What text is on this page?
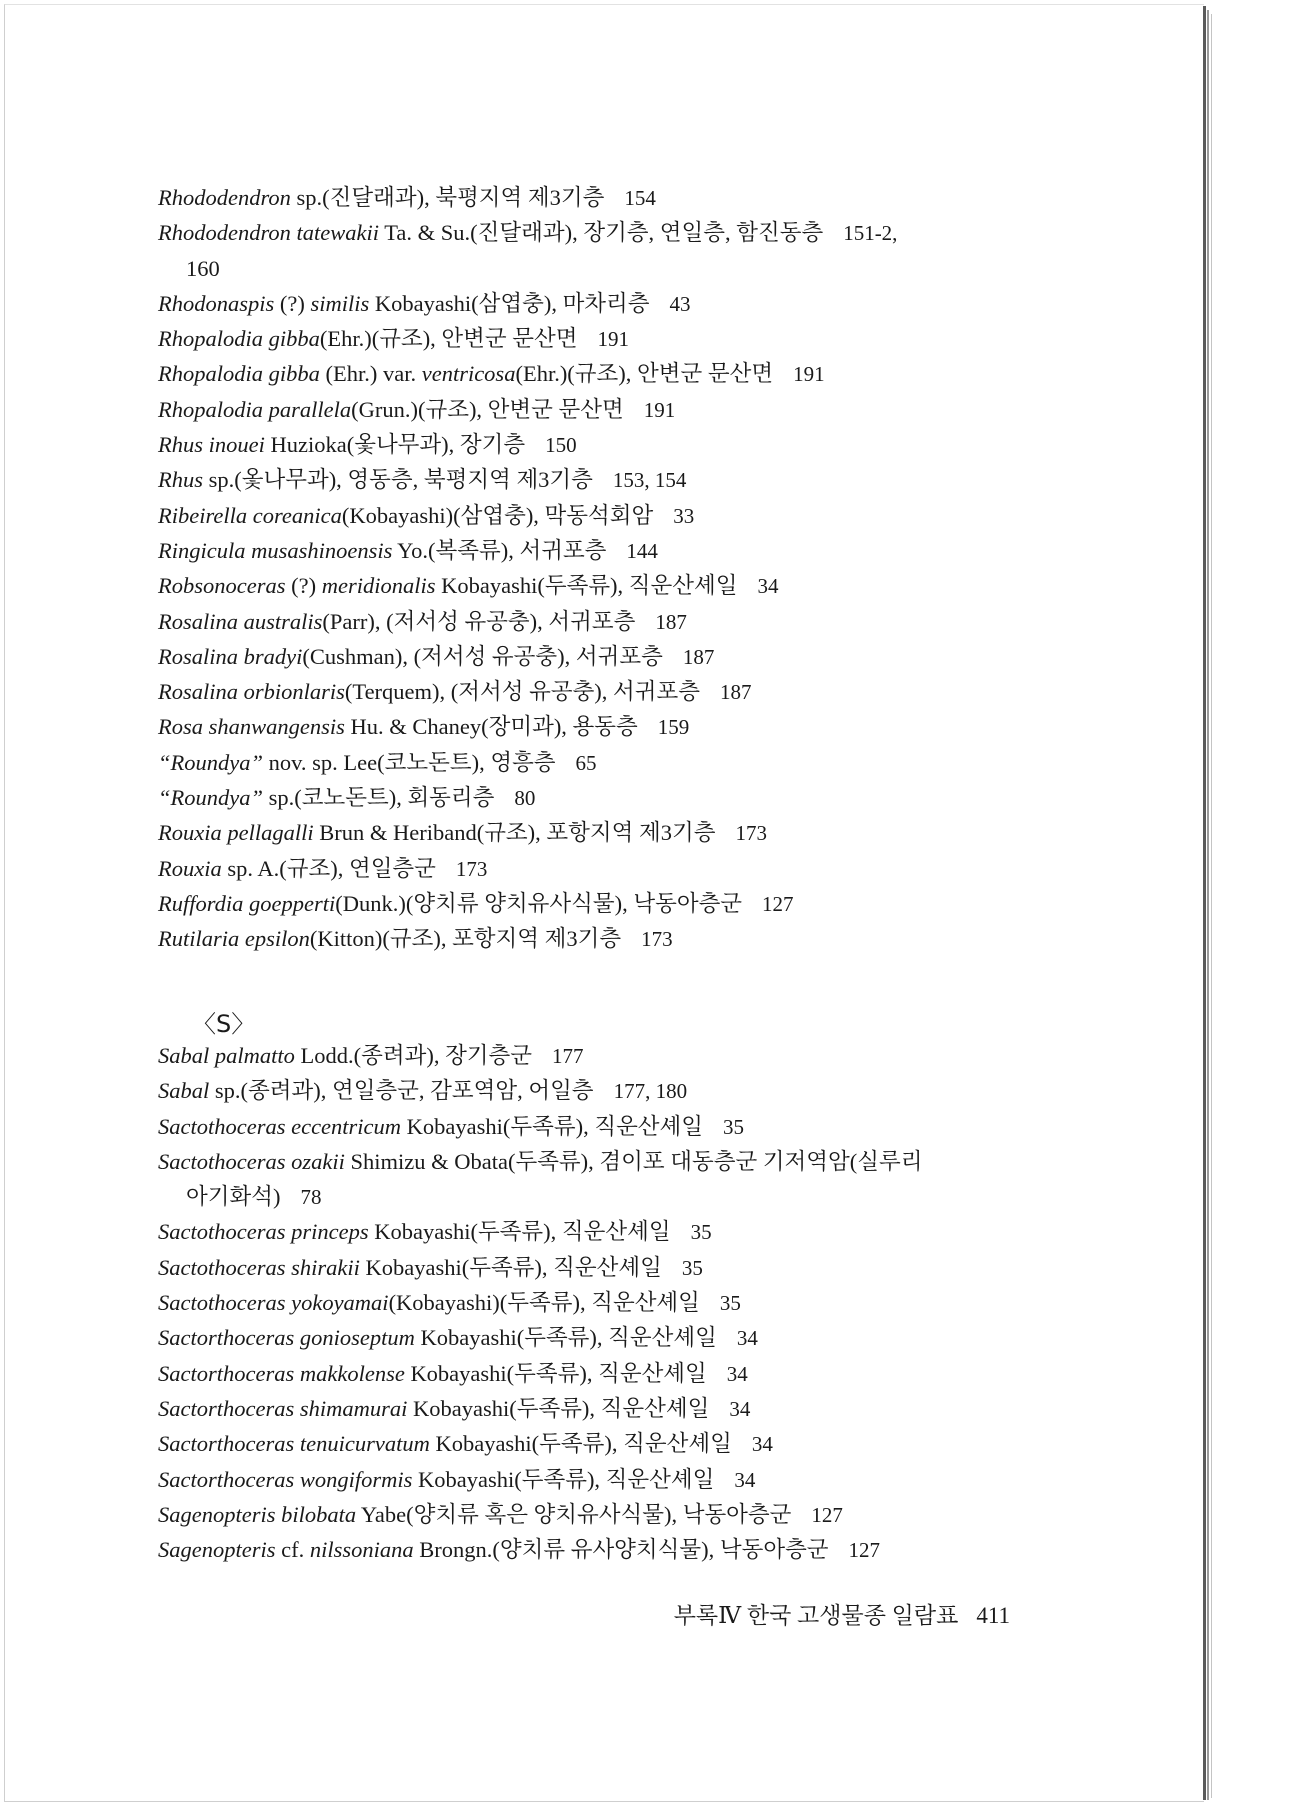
Rhododendron sp.(진달래과), 북평지역 제3기층 154
Rhododendron tatewakii Ta. & Su.(진달래과), 장기층, 연일층, 함진동층 151-2,
160
Rhodonaspis (?) similis Kobayashi(삼엽충), 마차리층 43
Rhopalodia gibba(Ehr.)(규조), 안변군 문산면 191
Rhopalodia gibba (Ehr.) var. ventricosa(Ehr.)(규조), 안변군 문산면 191
Rhopalodia parallela(Grun.)(규조), 안변군 문산면 191
Rhus inouei Huzioka(옻나무과), 장기층 150
Rhus sp.(옻나무과), 영동층, 북평지역 제3기층 153, 154
Ribeirella coreanica(Kobayashi)(삼엽충), 막동석회암 33
Ringicula musashinoensis Yo.(복족류), 서귀포층 144
Robsonoceras (?) meridionalis Kobayashi(두족류), 직운산셰일 34
Rosalina australis(Parr), (저서성 유공충), 서귀포층 187
Rosalina bradyi(Cushman), (저서성 유공충), 서귀포층 187
Rosalina orbionlaris(Terquem), (저서성 유공충), 서귀포층 187
Rosa shanwangensis Hu. & Chaney(장미과), 용동층 159
“Roundya” nov. sp. Lee(코노돈트), 영흥층 65
“Roundya” sp.(코노돈트), 회동리층 80
Rouxia pellagalli Brun & Heriband(규조), 포항지역 제3기층 173
Rouxia sp. A.(규조), 연일층군 173
Ruffordia goepperti(Dunk.)(양치류 양치유사식물), 낙동아층군 127
Rutilaria epsilon(Kitton)(규조), 포항지역 제3기층 173
Sabal palmatto Lodd.(종려과), 장기층군 177
Sabal sp.(종려과), 연일층군, 감포역암, 어일층 177, 180
Sactothoceras eccentricum Kobayashi(두족류), 직운산셰일 35
Sactothoceras ozakii Shimizu & Obata(두족류), 겸이포 대동층군 기저역암(실루리
아기화석) 78
Sactothoceras princeps Kobayashi(두족류), 직운산셰일 35
Sactothoceras shirakii Kobayashi(두족류), 직운산셰일 35
Sactothoceras yokoyamai(Kobayashi)(두족류), 직운산셰일 35
Sactorthoceras gonioseptum Kobayashi(두족류), 직운산셰일 34
Sactorthoceras makkolense Kobayashi(두족류), 직운산셰일 34
Sactorthoceras shimamurai Kobayashi(두족류), 직운산셰일 34
Sactorthoceras tenuicurvatum Kobayashi(두족류), 직운산셰일 34
Sactorthoceras wongiformis Kobayashi(두족류), 직운산셰일 34
Sagenopteris bilobata Yabe(양치류 혹은 양치유사식물), 낙동아층군 127
Sagenopteris cf. nilssoniana Brongn.(양치류 유사양치식물), 낙동아층군 127
〈S〉
부록Ⅳ 한국 고생물종 일람표 411
